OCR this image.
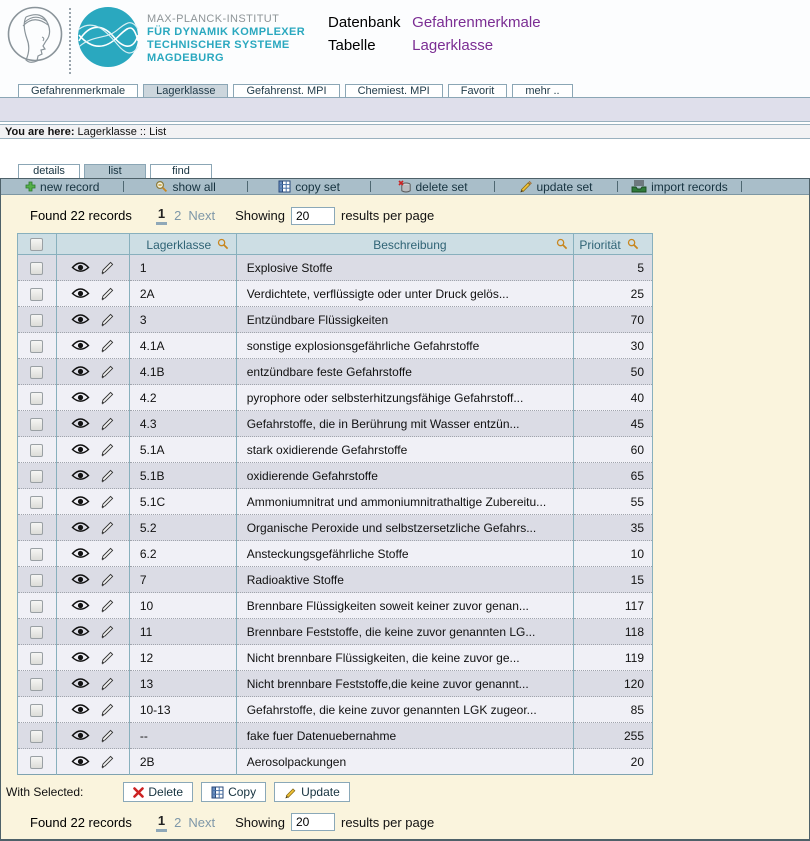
MAX-PLANCK-INSTITUT
FÜR DYNAMIK KOMPLEXER
TECHNISCHER SYSTEME
MAGDEBURG
Datenbank Gefahrenmerkmale
Tabelle Lagerklasse
Gefahrenmerkmale	Lagerklasse	Gefahrenst. MPI	Chemiest. MPI	Favorit	mehr ..
You are here: Lagerklasse :: List
details	list	find
new record	show all	copy set	delete set	update set	import records
Found 22 records 1 2 Next Showing
20	results per page
		Lagerklasse	Beschreibung	Priorität
		1	Explosive Stoffe	5
		2A	Verdichtete, verflüssigte oder unter Druck gelös...	25
		3	Entzündbare Flüssigkeiten	70
		4.1A	sonstige explosionsgefährliche Gefahrstoffe	30
		4.1B	entzündbare feste Gefahrstoffe	50
		4.2	pyrophore oder selbsterhitzungsfähige Gefahrstoff...	40
		4.3	Gefahrstoffe, die in Berührung mit Wasser entzün...	45
		5.1A	stark oxidierende Gefahrstoffe	60
		5.1B	oxidierende Gefahrstoffe	65
		5.1C	Ammoniumnitrat und ammoniumnitrathaltige Zubereitu...	55
		5.2	Organische Peroxide und selbstzersetzliche Gefahrs...	35
		6.2	Ansteckungsgefährliche Stoffe	10
		7	Radioaktive Stoffe	15
		10	Brennbare Flüssigkeiten soweit keiner zuvor genan...	117
		11	Brennbare Feststoffe, die keine zuvor genannten LG...	118
		12	Nicht brennbare Flüssigkeiten, die keine zuvor ge...	119
		13	Nicht brennbare Feststoffe,die keine zuvor genannt...	120
		10-13	Gefahrstoffe, die keine zuvor genannten LGK zugeor...	85
		--	fake fuer Datenuebernahme	255
		2B	Aerosolpackungen	20
With Selected:	Delete	Copy	Update
Found 22 records 1 2 Next Showing
20	results per page
